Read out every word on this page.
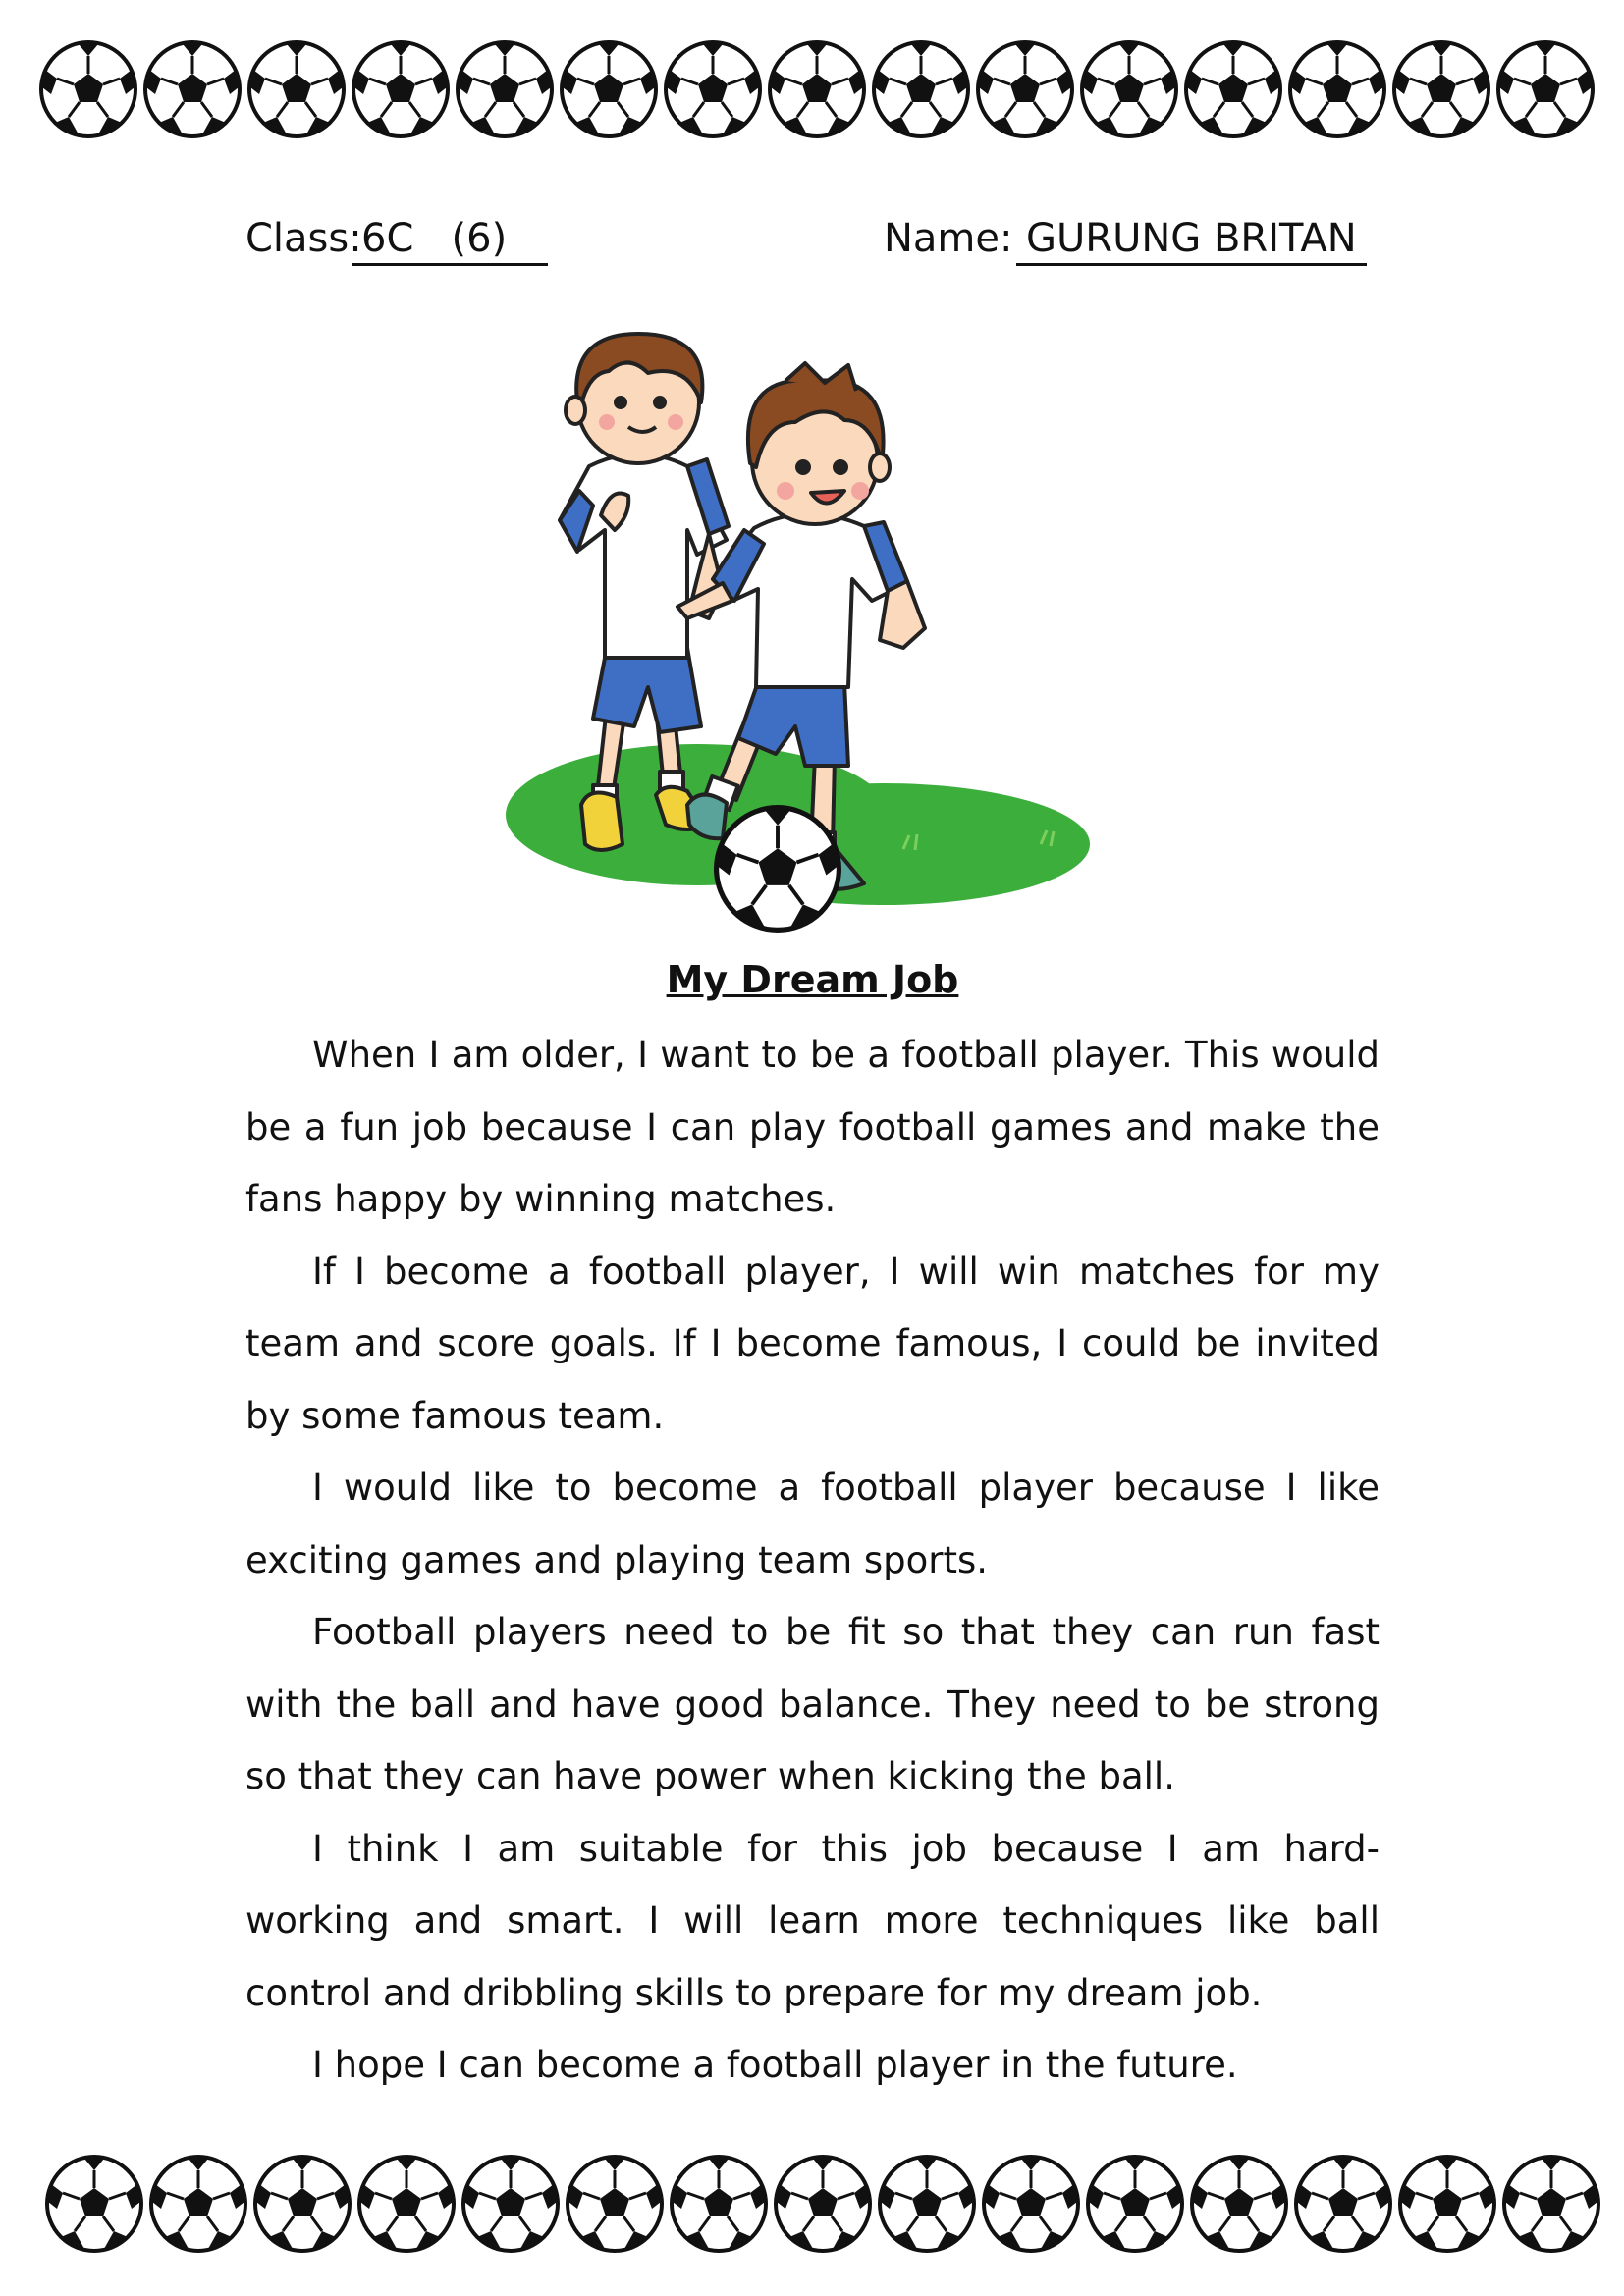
Class: 6C   (6)	Name: GURUNG BRITAN

My Dream Job

When I am older, I want to be a football player. This would be a fun job because I can play football games and make the fans happy by winning matches.

If I become a football player, I will win matches for my team and score goals. If I become famous, I could be invited by some famous team.

I would like to become a football player because I like exciting games and playing team sports.

Football players need to be fit so that they can run fast with the ball and have good balance. They need to be strong so that they can have power when kicking the ball.

I think I am suitable for this job because I am hard-working and smart. I will learn more techniques like ball control and dribbling skills to prepare for my dream job.

I hope I can become a football player in the future.
